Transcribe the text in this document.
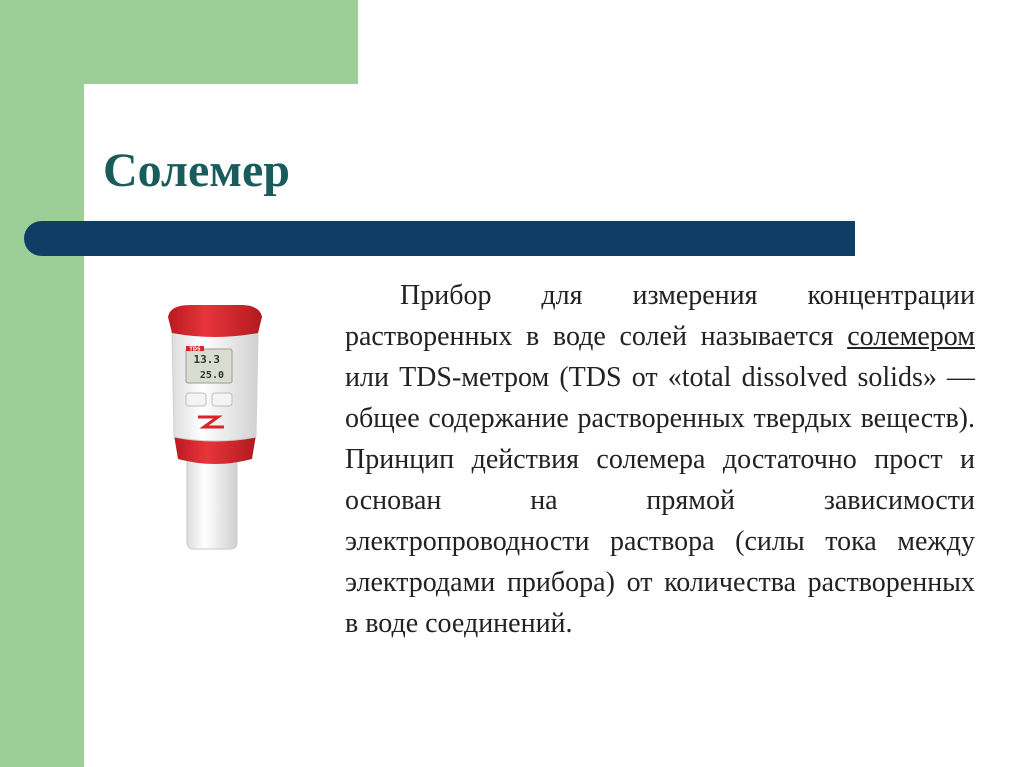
Солемер
TDS
13.3
25.0

Прибор для измерения концентрации растворенных в воде солей называется солемером или TDS-метром (TDS от «total dissolved solids» — общее содержание растворенных твердых веществ). Принцип действия солемера достаточно прост и основан на прямой зависимости электропроводности раствора (силы тока между электродами прибора) от количества растворенных в воде соединений.
